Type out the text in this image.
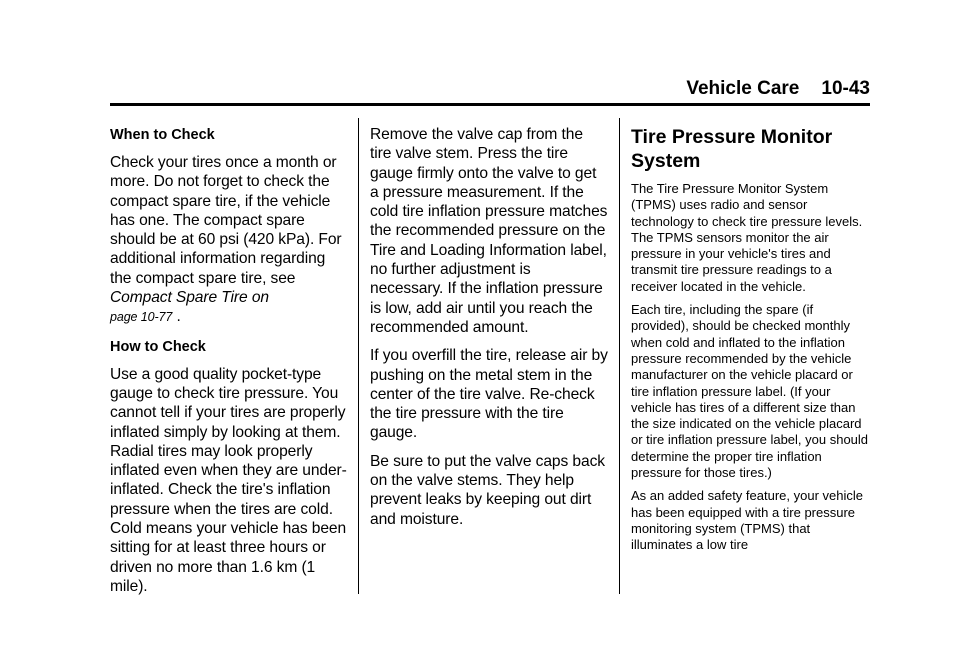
Vehicle Care 10-43
When to Check

Check your tires once a month or more. Do not forget to check the compact spare tire, if the vehicle has one. The compact spare should be at 60 psi (420 kPa). For additional information regarding the compact spare tire, see
Compact Spare Tire on
page 10-77 .

How to Check

Use a good quality pocket-type gauge to check tire pressure. You cannot tell if your tires are properly inflated simply by looking at them. Radial tires may look properly inflated even when they are under-inflated. Check the tire's inflation pressure when the tires are cold. Cold means your vehicle has been sitting for at least three hours or driven no more than 1.6 km (1 mile).

Remove the valve cap from the tire valve stem. Press the tire gauge firmly onto the valve to get a pressure measurement. If the cold tire inflation pressure matches the recommended pressure on the Tire and Loading Information label, no further adjustment is necessary. If the inflation pressure is low, add air until you reach the recommended amount.

If you overfill the tire, release air by pushing on the metal stem in the center of the tire valve. Re-check the tire pressure with the tire gauge.

Be sure to put the valve caps back on the valve stems. They help prevent leaks by keeping out dirt and moisture.

Tire Pressure Monitor System

The Tire Pressure Monitor System (TPMS) uses radio and sensor technology to check tire pressure levels. The TPMS sensors monitor the air pressure in your vehicle's tires and transmit tire pressure readings to a receiver located in the vehicle.

Each tire, including the spare (if provided), should be checked monthly when cold and inflated to the inflation pressure recommended by the vehicle manufacturer on the vehicle placard or tire inflation pressure label. (If your vehicle has tires of a different size than the size indicated on the vehicle placard or tire inflation pressure label, you should determine the proper tire inflation pressure for those tires.)

As an added safety feature, your vehicle has been equipped with a tire pressure monitoring system (TPMS) that illuminates a low tire
